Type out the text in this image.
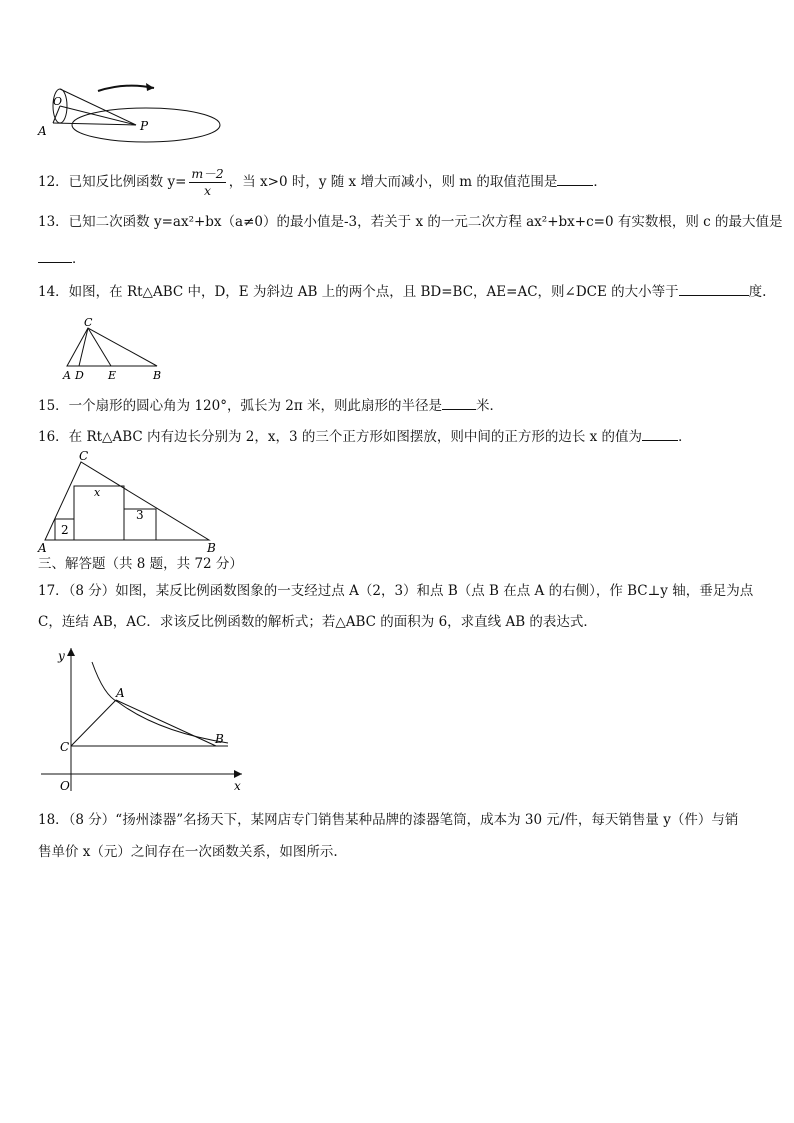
O
A	P
12．已知反比例函数 $y= \frac{m-2}{x}$ ，当 x>0 时，y 随 x 增大而减小，则 m 的取值范围是	．
13．已知二次函数 y=ax²+bx（a≠0）的最小值是-3，若关于 x 的一元二次方程 ax²+bx+c=0 有实数根，则 c 的最大值是
．
14．如图，在 Rt△ABC 中，D，E 为斜边 AB 上的两个点，且 BD=BC，AE=AC，则∠DCE 的大小等于	度.
C
A D E	B
15．一个扇形的圆心角为 120°，弧长为 2π 米，则此扇形的半径是	米．
16．在 Rt△ABC 内有边长分别为 2，x，3 的三个正方形如图摆放，则中间的正方形的边长 x 的值为	．
C
A	B
x
2
3
三、解答题（共 8 题，共 72 分）
17．（8 分）如图，某反比例函数图象的一支经过点 A（2，3）和点 B（点 B 在点 A 的右侧），作 BC⊥y 轴，垂足为点
C，连结 AB，AC．求该反比例函数的解析式；若△ABC 的面积为 6，求直线 AB 的表达式．
y
x
O
A
B
C
18．（8 分）“扬州漆器”名扬天下，某网店专门销售某种品牌的漆器笔筒，成本为 30 元/件，每天销售量 y（件）与销
售单价 x（元）之间存在一次函数关系，如图所示.
